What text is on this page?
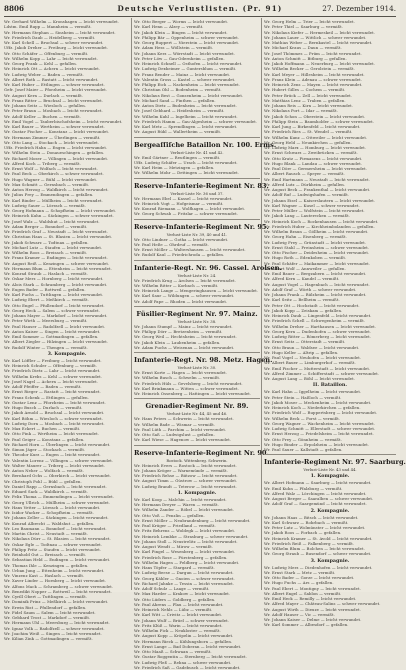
8806	Deutsche Verlustlisten. (Pr. 91)	27. Dezember 1914.
Wr. Gerhard Wilhelm — Kronshagen — leicht verwundet.
Ldstm. Emil Rupp — Mannheim — vermißt.
Wr. Hermann Stephan — Sinsheim — leicht verwundet.
Wr. Friedrich Daub — Heidelberg — vermißt.
Wr. Karl Schell — Bruchsal — schwer verwundet.
Uffz. Jakob Dreher — Freiburg — leicht verwundet.
Wr. Otto Schäfer — Offenburg — vermißt.
Wr. Wilhelm Kopp — Lahr — leicht verwundet.
Wr. Georg Frank — Kehl — gefallen.
Wr. Heinrich Ott — Achern — leicht verwundet.
Wr. Ludwig Weber — Baden — vermißt.
Wr. Albert Roth — Rastatt — leicht verwundet.
Wr. Karl Huber — Ettlingen — schwer verwundet.
Gefr. Josef Maier — Pforzheim — leicht verwundet.
Wr. August Kern — Durlach — vermißt.
Wr. Franz Ritter — Bruchsal — leicht verwundet.
Wr. Johann Seitz — Wiesloch — gefallen.
Wr. Peter Braun — Mosbach — leicht verwundet.
Wr. Adolf Keller — Buchen — vermißt.
Wr. Emil Vogel — Tauberbischofsheim — leicht verwundet.
Wr. Karl Bauer — Wertheim — schwer verwundet.
Wr. Gustav Fischer — Konstanz — leicht verwundet.
Wr. Hermann Zimmer — Überlingen — vermißt.
Wr. Otto Lang — Stockach — leicht verwundet.
Uffz. Friedrich Hahn — Engen — leicht verwundet.
Wr. Wilhelm Stein — Donaueschingen — gefallen.
Wr. Richard Moser — Villingen — leicht verwundet.
Wr. Alfred Koch — Triberg — vermißt.
Wr. Ernst Wolf — Wolfach — leicht verwundet.
Wr. Paul Beck — Oberkirch — schwer verwundet.
Wr. Hugo Wagner — Bühl — leicht verwundet.
Wr. Max Schmitt — Gernsbach — vermißt.
Wr. Anton Herzog — Waldkirch — leicht verwundet.
Wr. Julius Frey — Emmendingen — gefallen.
Wr. Karl Binder — Müllheim — leicht verwundet.
Wr. Ludwig Sauer — Lörrach — vermißt.
Wr. Georg Hofmann — Schopfheim — leicht verwundet.
Wr. Heinrich Kuhn — Säckingen — schwer verwundet.
Wr. Josef Walz — Waldshut — leicht verwundet.
Wr. Adam Berger — Bonndorf — vermißt.
Wr. Friedrich Graf — Neustadt — leicht verwundet.
Wr. Christian Haas — St. Blasien — leicht verwundet.
Wr. Jakob Schwarz — Todtnau — gefallen.
Wr. Michael Lutz — Staufen — leicht verwundet.
Wr. Wilhelm Roos — Breisach — vermißt.
Wr. Franz Kramer — Endingen — leicht verwundet.
Wr. August Reiß — Kenzingen — schwer verwundet.
Wr. Hermann Blum — Ettenheim — leicht verwundet.
Wr. Konrad Straub — Haslach — vermißt.
Wr. Oskar Merz — Hornberg — leicht verwundet.
Wr. Alois Stark — Schramberg — leicht verwundet.
Wr. Eugen Bader — Rottweil — gefallen.
Wr. Karl Fuchs — Tuttlingen — leicht verwundet.
Wr. Ludwig Ebert — Meßkirch — vermißt.
Wr. Otto Engel — Pfullendorf — leicht verwundet.
Wr. Georg Heck — Salem — schwer verwundet.
Wr. Johann Mayer — Markdorf — leicht verwundet.
Wr. Peter Wirth — Meersburg — vermißt.
Wr. Paul Hauser — Radolfzell — leicht verwundet.
Wr. Anton Kaiser — Singen — leicht verwundet.
Wr. Emil Sommer — Gottmadingen — gefallen.
Wr. Albert Ziegler — Hilzingen — leicht verwundet.
Wr. Rudolf Winter — Thengen — vermißt.
3. Kompagnie.
Wr. Karl Löffler — Freiburg — leicht verwundet.
Wr. Heinrich Schuler — Offenburg — vermißt.
Wr. Friedrich Dietz — Lahr — leicht verwundet.
Wr. Wilhelm Krebs — Kehl — schwer verwundet.
Wr. Josef Nagel — Achern — leicht verwundet.
Wr. Adolf Pfeiffer — Baden — vermißt.
Wr. Ernst Rieger — Rastatt — leicht verwundet.
Wr. Franz Schenk — Ettlingen — gefallen.
Wr. Gustav Lenz — Pforzheim — leicht verwundet.
Wr. Hugo Busch — Durlach — vermißt.
Wr. Jakob Arnold — Bruchsal — leicht verwundet.
Wr. Karl Böhm — Wiesloch — schwer verwundet.
Wr. Ludwig Dorn — Mosbach — leicht verwundet.
Wr. Max Eckert — Buchen — vermißt.
Wr. Otto Fink — Wertheim — leicht verwundet.
Wr. Paul Geiger — Konstanz — gefallen.
Wr. Richard Horn — Überlingen — leicht verwundet.
Wr. Simon Jäger — Stockach — vermißt.
Wr. Theodor Kurz — Engen — leicht verwundet.
Wr. Valentin Lorenz — Villingen — schwer verwundet.
Wr. Walter Maurer — Triberg — leicht verwundet.
Wr. Anton Neher — Wolfach — vermißt.
Wr. Bernhard Ochs — Oberkirch — leicht verwundet.
Wr. Christoph Pohl — Bühl — gefallen.
Wr. Daniel Rapp — Gernsbach — leicht verwundet.
Wr. Eduard Sack — Waldkirch — vermißt.
Wr. Felix Thoma — Emmendingen — leicht verwundet.
Wr. Georg Ullrich — Müllheim — schwer verwundet.
Wr. Hans Vetter — Lörrach — leicht verwundet.
Wr. Isidor Wacker — Schopfheim — vermißt.
Wr. Johann Zeller — Säckingen — leicht verwundet.
Wr. Konrad Albrecht — Waldshut — gefallen.
Wr. Leo Baumann — Bonndorf — leicht verwundet.
Wr. Martin Christ — Neustadt — vermißt.
Wr. Nikolaus Dürr — St. Blasien — leicht verwundet.
Wr. Oskar Egle — Todtnau — schwer verwundet.
Wr. Philipp Fritz — Staufen — leicht verwundet.
Wr. Reinhold Gut — Breisach — vermißt.
Wr. Sebastian Held — Endingen — leicht verwundet.
Wr. Thomas Ihle — Kenzingen — gefallen.
Wr. Urban Jung — Ettenheim — leicht verwundet.
Wr. Vinzenz Kast — Haslach — vermißt.
Wr. Xaver Linder — Hornberg — leicht verwundet.
Wr. Alfons Mack — Schramberg — schwer verwundet.
Wr. Benedikt Nopper — Rottweil — leicht verwundet.
Wr. Cyrill Obert — Tuttlingen — vermißt.
Wr. Dominik Prinz — Meßkirch — leicht verwundet.
Wr. Erwin Rist — Pfullendorf — gefallen.
Wr. Fidel Saum — Salem — leicht verwundet.
Wr. Gebhard Trost — Markdorf — vermißt.
Wr. Hermann Uhl — Meersburg — leicht verwundet.
Wr. Ignaz Volk — Radolfzell — schwer verwundet.
Wr. Joachim Weiß — Singen — leicht verwundet.
Wr. Kilian Zink — Gottmadingen — vermißt.
Wr. Otto Berger — Worms — leicht verwundet.
Wr. Karl Henn — Alzey — vermißt.
Wr. Jakob Klein — Bingen — leicht verwundet.
Wr. Philipp Bär — Oppenheim — schwer verwundet.
Wr. Georg Ruppert — Nierstein — leicht verwundet.
Wr. Adam Hess — Wöllstein — vermißt.
Wr. Johann Kerz — Wörrstadt — leicht verwundet.
Wr. Peter Löw — Gau-Odernheim — gefallen.
Wr. Heinrich Schnell — Osthofen — leicht verwundet.
Wr. Ludwig Dexheimer — Guntersblum — vermißt.
Wr. Franz Bender — Mainz — leicht verwundet.
Wr. Valentin Gross — Kastel — schwer verwundet.
Wr. Philipp Eich — Nackenheim — leicht verwundet.
Wr. Christian Ohl — Bodenheim — vermißt.
Wr. Nikolaus Best — Gonsenheim — leicht verwundet.
Wr. Michael Sand — Finthen — gefallen.
Wr. Anton Dietz — Budenheim — leicht verwundet.
Wr. Josef Gebhard — Heidesheim — vermißt.
Wr. Wilhelm Kuhl — Ingelheim — leicht verwundet.
Wr. Friedrich Hamm — Gau-Algesheim — schwer verwundet.
Wr. Karl Metz — Sprendlingen — leicht verwundet.
Wr. August Rühl — Wallertheim — vermißt.
Bergeaſſiſche Bataillon Nr. 100. Erms.
Verlust-Liste Nr. 41 und 42.
Wr. Emil Gärtner — Reutlingen — vermißt.
Uffz. Ludwig Schäfer — Urach — leicht verwundet.
Wr. Karl Heim — Metzingen — gefallen.
Wr. Wilhelm Mohr — Dettingen — leicht verwundet.
Reserve-Infanterie-Regiment Nr. 83.
Verlust-Liste Nr. 36 und 37.
Wr. Hermann Ebel — Kassel — leicht verwundet.
Wr. Heinrich Vogt — Hofgeismar — vermißt.
Wr. Konrad Riemann — Wolfhagen — leicht verwundet.
Wr. Georg Schwab — Fritzlar — schwer verwundet.
Reserve-Infanterie-Regiment Nr. 95.
Verlust-Liste Nr. 39, 40 und 41.
Wr. Otto Lindner — Gotha — leicht verwundet.
Wr. Paul Heße — Ohrdruf — vermißt.
Wr. Ernst Möller — Waltershausen — leicht verwundet.
Wr. Rudolf Kaul — Friedrichroda — gefallen.
Infanterie-Regt. Nr. 96. Cassel. Arolsen.
Verlust-Liste Nr. 24.
Wr. Friedrich Krug — Arolsen — leicht verwundet.
Wr. Wilhelm Ritter — Korbach — vermißt.
Wr. Heinrich Lange — Mengeringhausen — leicht verwundet.
Wr. Karl Saur — Wildungen — schwer verwundet.
Wr. Adolf Pape — Rhoden — leicht verwundet.
Füsilier-Regiment Nr. 97. Mainz.
Verlust-Liste Nr. 38.
Wr. Johann Stumpf — Mainz — leicht verwundet.
Wr. Philipp Dörr — Bretzenheim — vermißt.
Wr. Georg Weil — Hechtsheim — leicht verwundet.
Wr. Jakob Klein — Laubenheim — gefallen.
Wr. Adam Fuchs — Weisenau — leicht verwundet.
Infanterie-Regt. Nr. 98. Metz. Hagen.
Verlust-Liste Nr. 30.
Wr. Ernst Korte — Hagen — leicht verwundet.
Wr. Wilhelm Busch — Schwelm — vermißt.
Wr. Friedrich Hüls — Gevelsberg — leicht verwundet.
Wr. Karl Brinkmann — Witten — schwer verwundet.
Wr. Heinrich Ossenberg — Hattingen — leicht verwundet.
Grenadier-Regiment Nr. 89.
Verlust-Liste Nr. 44, 45 und 46.
Wr. Hans Peters — Schwerin — leicht verwundet.
Wr. Wilhelm Bade — Wismar — vermißt.
Wr. Paul Lüth — Parchim — leicht verwundet.
Wr. Otto Saß — Ludwigslust — gefallen.
Wr. Karl Wiese — Hagenow — leicht verwundet.
Reserve-Infanterie-Regiment Nr. 90.
Rostock. Wittenberg. Schwerin.
Wr. Heinrich Evers — Rostock — leicht verwundet.
Wr. Johann Kröger — Warnemünde — vermißt.
Wr. Friedrich Rehse — Bützow — leicht verwundet.
Wr. August Timm — Güstrow — schwer verwundet.
Wr. Ludwig Brandt — Teterow — leicht verwundet.
1. Kompagnie.
Wr. Karl Koop — Malchin — leicht verwundet.
Wr. Hermann Dreyer — Waren — vermißt.
Wr. Wilhelm Zander — Röbel — leicht verwundet.
Wr. Otto Voß — Penzlin — gefallen.
Wr. Ernst Möller — Neubrandenburg — leicht verwundet.
Wr. Paul Krüger — Friedland — vermißt.
Wr. Fritz Behrens — Woldegk — leicht verwundet.
Wr. Heinrich Lembke — Strasburg — schwer verwundet.
Wr. Johann Stoll — Neustrelitz — leicht verwundet.
Wr. August Wendt — Mirow — vermißt.
Wr. Karl Pingel — Wesenberg — leicht verwundet.
Wr. Friedrich Rose — Fürstenberg — gefallen.
Wr. Wilhelm Hagen — Feldberg — leicht verwundet.
Wr. Hans Töpfer — Stargard — vermißt.
Wr. Ludwig Beese — Dargun — leicht verwundet.
Wr. Georg Kähler — Gnoien — schwer verwundet.
Wr. Richard Jahnke — Tessin — leicht verwundet.
Wr. Adolf Schulz — Laage — vermißt.
Wr. Max Harder — Krakow — leicht verwundet.
Wr. Otto Lüders — Goldberg — gefallen.
Wr. Paul Ahrens — Plau — leicht verwundet.
Wr. Heinrich Nehls — Lübz — vermißt.
Wr. Karl Witt — Crivitz — leicht verwundet.
Wr. Johann Wulf — Brüel — schwer verwundet.
Wr. Fritz Klüß — Warin — leicht verwundet.
Wr. Wilhelm Fick — Neukloster — vermißt.
Wr. August Kopp — Kröpelin — leicht verwundet.
Wr. Hermann Rieck — Kühlungsborn — gefallen.
Wr. Ernst Lange — Bad Doberan — leicht verwundet.
Wr. Otto Maaß — Schwaan — vermißt.
Wr. Gustav Roggentin — Sternberg — leicht verwundet.
Wr. Ludwig Pleß — Rehna — schwer verwundet.
Wr. Friedrich Saß — Gadebusch — leicht verwundet.
Wr. Georg Helm — Trier — leicht verwundet.
Wr. Peter Thiel — Saarburg — vermißt.
Wr. Nikolaus Kiefer — Hermeskeil — leicht verwundet.
Wr. Johann Lauer — Wittlich — schwer verwundet.
Wr. Mathias Weber — Bernkastel — leicht verwundet.
Wr. Michael Kraus — Daun — vermißt.
Wr. Josef Thömmes — Prüm — leicht verwundet.
Wr. Anton Schmitt — Bitburg — gefallen.
Wr. Jakob Hoffmann — Neuerburg — leicht verwundet.
Wr. Wilhelm Becker — Gerolstein — vermißt.
Wr. Karl Meyer — Hillesheim — leicht verwundet.
Wr. Franz Klein — Adenau — schwer verwundet.
Wr. Heinrich Zens — Mayen — leicht verwundet.
Wr. Hubert Gilles — Cochem — vermißt.
Wr. Peter Brück — Zell — leicht verwundet.
Wr. Matthias Lenz — Traben — gefallen.
Wr. Johann Reis — Kirn — leicht verwundet.
Wr. Nikolaus Port — Idar — vermißt.
Wr. Jakob Schon — Oberstein — leicht verwundet.
Wr. Philipp Stein — Baumholder — schwer verwundet.
Wr. Karl Jung — Birkenfeld — leicht verwundet.
Wr. Friedrich Ries — St. Wendel — vermißt.
Wr. Wilhelm Kunz — Ottweiler — leicht verwundet.
Wr. Georg Held — Neunkirchen — gefallen.
Wr. Ludwig Marx — Homburg — leicht verwundet.
Wr. Ernst Schwarz — Zweibrücken — vermißt.
Wr. Otto Kratz — Pirmasens — leicht verwundet.
Wr. Hugo Blank — Landau — schwer verwundet.
Wr. Paul Dörr — Germersheim — leicht verwundet.
Wr. Albert Rausch — Speyer — vermißt.
Wr. Emil Hartmann — Neustadt — leicht verwundet.
Wr. Alfred Lutz — Dürkheim — gefallen.
Wr. August Beck — Frankenthal — leicht verwundet.
Wr. Adolf Ruf — Ludwigshafen — vermißt.
Wr. Johann Eisel — Kaiserslautern — leicht verwundet.
Wr. Karl Wagner — Kusel — schwer verwundet.
Wr. Peter Müller — Wolfstein — leicht verwundet.
Wr. Jakob Lang — Lauterecken — vermißt.
Wr. Heinrich Koch — Rockenhausen — leicht verwundet.
Wr. Friedrich Huber — Kirchheimbolanden — gefallen.
Wr. Wilhelm Braun — Göllheim — leicht verwundet.
Wr. Georg Hahn — Eisenberg — vermißt.
Wr. Ludwig Frey — Grünstadt — leicht verwundet.
Wr. Ernst Stahl — Freinsheim — schwer verwundet.
Wr. Otto Fischer — Deidesheim — leicht verwundet.
Wr. Hugo Roth — Edenkoben — vermißt.
Wr. Paul Schäfer — Maikammer — leicht verwundet.
Wr. Albert Wolf — Annweiler — gefallen.
Wr. Emil Bauer — Bergzabern — leicht verwundet.
Wr. Alfred Kern — Kandel — vermißt.
Wr. August Vogel — Hagenbach — leicht verwundet.
Wr. Adolf Graf — Wörth — schwer verwundet.
Wr. Johann Frank — Rülzheim — leicht verwundet.
Wr. Karl Seitz — Bellheim — vermißt.
Wr. Peter Ott — Hochstadt — leicht verwundet.
Wr. Jakob Kopp — Zeiskam — gefallen.
Wr. Heinrich Daub — Lingenfeld — leicht verwundet.
Wr. Friedrich Schell — Schwegenheim — vermißt.
Wr. Wilhelm Dreher — Harthausen — leicht verwundet.
Wr. Georg Kern — Dudenhofen — schwer verwundet.
Wr. Ludwig Ritter — Römerberg — leicht verwundet.
Wr. Ernst Seitz — Otterstadt — vermißt.
Wr. Otto Braun — Waldsee — leicht verwundet.
Wr. Hugo Keller — Altrip — gefallen.
Wr. Paul Vogel — Neuhofen — leicht verwundet.
Wr. Albert Bauer — Limburgerhof — vermißt.
Wr. Emil Fischer — Mutterstadt — leicht verwundet.
Wr. Alfred Zimmer — Schifferstadt — schwer verwundet.
Wr. August Lang — Böhl — leicht verwundet.
II. Bataillon.
Wr. Karl Hahn — Iggelheim — leicht verwundet.
Wr. Peter Stein — Haßloch — vermißt.
Wr. Jakob Moser — Meckenheim — leicht verwundet.
Wr. Heinrich Koch — Niederkirchen — gefallen.
Wr. Friedrich Wolf — Ruppertsberg — leicht verwundet.
Wr. Wilhelm Beck — Forst — vermißt.
Wr. Georg Wagner — Wachenheim — leicht verwundet.
Wr. Ludwig Schmitt — Ellerstadt — schwer verwundet.
Wr. Ernst Herzog — Friedelsheim — leicht verwundet.
Wr. Otto Frey — Gönnheim — vermißt.
Wr. Hugo Binder — Erpolzheim — leicht verwundet.
Wr. Paul Sauer — Kallstadt — gefallen.
Infanterie-Regiment Nr. 97. Saarburg.
Verlust-Liste Nr. 43 und 44.
1. Kompagnie.
Wr. Albert Hofmann — Saarburg — leicht verwundet.
Wr. Emil Kuhn — Pfalzburg — vermißt.
Wr. Alfred Walz — Lörchingen — leicht verwundet.
Wr. August Berger — Saaralben — schwer verwundet.
Wr. Adolf Graf — Saargemünd — leicht verwundet.
2. Kompagnie.
Wr. Johann Haas — Bitsch — leicht verwundet.
Wr. Karl Schwarz — Rohrbach — vermißt.
Wr. Peter Lutz — Wolmünster — leicht verwundet.
Wr. Jakob Roos — Forbach — gefallen.
Wr. Heinrich Kramer — St. Avold — leicht verwundet.
Wr. Friedrich Reiß — Falkenberg — vermißt.
Wr. Wilhelm Blum — Bolchen — leicht verwundet.
Wr. Georg Straub — Busendorf — schwer verwundet.
3. Kompagnie.
Wr. Ludwig Merz — Diedenhofen — leicht verwundet.
Wr. Ernst Stark — Metz — vermißt.
Wr. Otto Bader — Gorze — leicht verwundet.
Wr. Hugo Fuchs — Ars — gefallen.
Wr. Paul Ebert — Montigny — leicht verwundet.
Wr. Albert Engel — Sablon — vermißt.
Wr. Emil Heck — Remilly — leicht verwundet.
Wr. Alfred Mayer — Château-Salins — schwer verwundet.
Wr. August Wirth — Dieuze — leicht verwundet.
Wr. Adolf Hauser — Vic — vermißt.
Wr. Johann Kaiser — Delme — leicht verwundet.
Wr. Karl Sommer — Albesdorf — gefallen.
